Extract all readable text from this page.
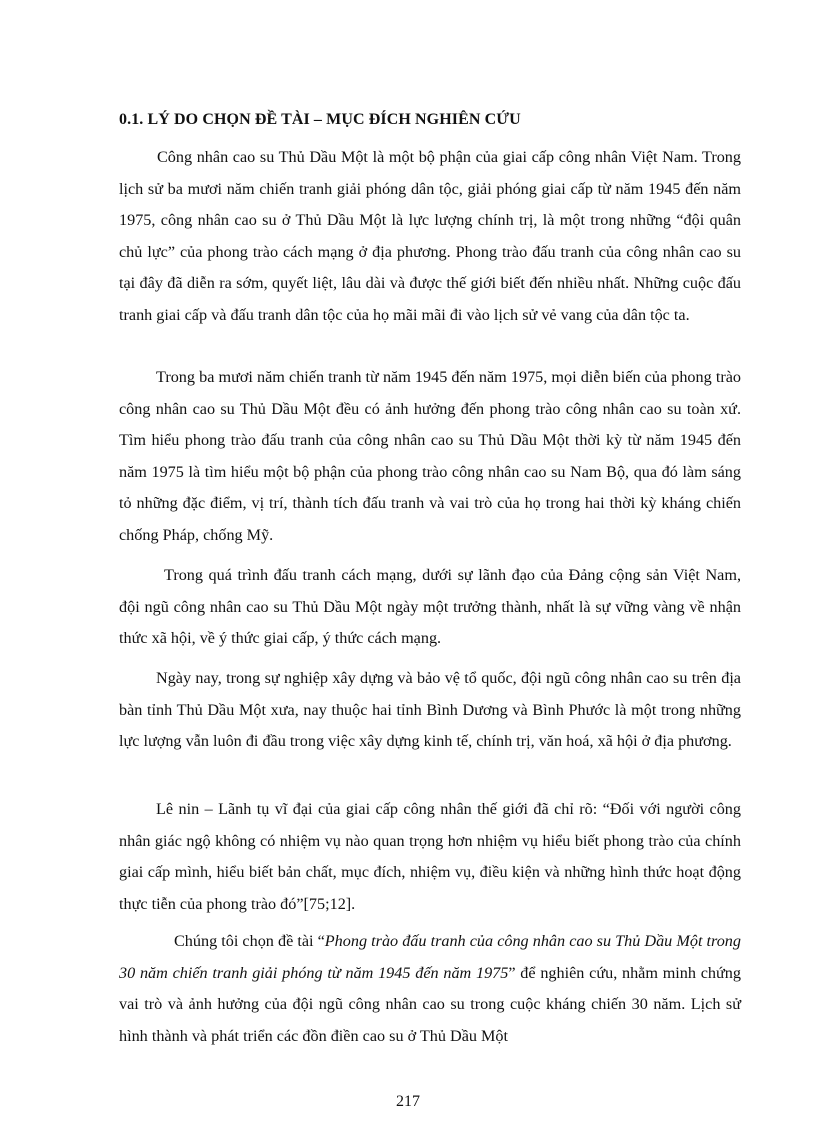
0.1. LÝ DO CHỌN ĐỀ TÀI – MỤC ĐÍCH NGHIÊN CỨU

Công nhân cao su Thủ Dầu Một là một bộ phận của giai cấp công nhân Việt Nam. Trong lịch sử ba mươi năm chiến tranh giải phóng dân tộc, giải phóng giai cấp từ năm 1945 đến năm 1975, công nhân cao su ở Thủ Dầu Một là lực lượng chính trị, là một trong những “đội quân chủ lực” của phong trào cách mạng ở địa phương. Phong trào đấu tranh của công nhân cao su tại đây đã diễn ra sớm, quyết liệt, lâu dài và được thế giới biết đến nhiều nhất. Những cuộc đấu tranh giai cấp và đấu tranh dân tộc của họ mãi mãi đi vào lịch sử vẻ vang của dân tộc ta.

Trong ba mươi năm chiến tranh từ năm 1945 đến năm 1975, mọi diễn biến của phong trào công nhân cao su Thủ Dầu Một đều có ảnh hưởng đến phong trào công nhân cao su toàn xứ. Tìm hiểu phong trào đấu tranh của công nhân cao su Thủ Dầu Một thời kỳ từ năm 1945 đến năm 1975 là tìm hiểu một bộ phận của phong trào công nhân cao su Nam Bộ, qua đó làm sáng tỏ những đặc điểm, vị trí, thành tích đấu tranh và vai trò của họ trong hai thời kỳ kháng chiến chống Pháp, chống Mỹ.

Trong quá trình đấu tranh cách mạng, dưới sự lãnh đạo của Đảng cộng sản Việt Nam, đội ngũ công nhân cao su Thủ Dầu Một ngày một trưởng thành, nhất là sự vững vàng về nhận thức xã hội, về ý thức giai cấp, ý thức cách mạng.

Ngày nay, trong sự nghiệp xây dựng và bảo vệ tổ quốc, đội ngũ công nhân cao su trên địa bàn tỉnh Thủ Dầu Một xưa, nay thuộc hai tỉnh Bình Dương và Bình Phước là một trong những lực lượng vẫn luôn đi đầu trong việc xây dựng kinh tế, chính trị, văn hoá, xã hội ở địa phương.

Lê nin – Lãnh tụ vĩ đại của giai cấp công nhân thế giới đã chỉ rõ: “Đối với người công nhân giác ngộ không có nhiệm vụ nào quan trọng hơn nhiệm vụ hiểu biết phong trào của chính giai cấp mình, hiểu biết bản chất, mục đích, nhiệm vụ, điều kiện và những hình thức hoạt động thực tiễn của phong trào đó”[75;12].

Chúng tôi chọn đề tài “Phong trào đấu tranh của công nhân cao su Thủ Dầu Một trong 30 năm chiến tranh giải phóng từ năm 1945 đến năm 1975” để nghiên cứu, nhằm minh chứng vai trò và ảnh hưởng của đội ngũ công nhân cao su trong cuộc kháng chiến 30 năm. Lịch sử hình thành và phát triển các đồn điền cao su ở Thủ Dầu Một

217
